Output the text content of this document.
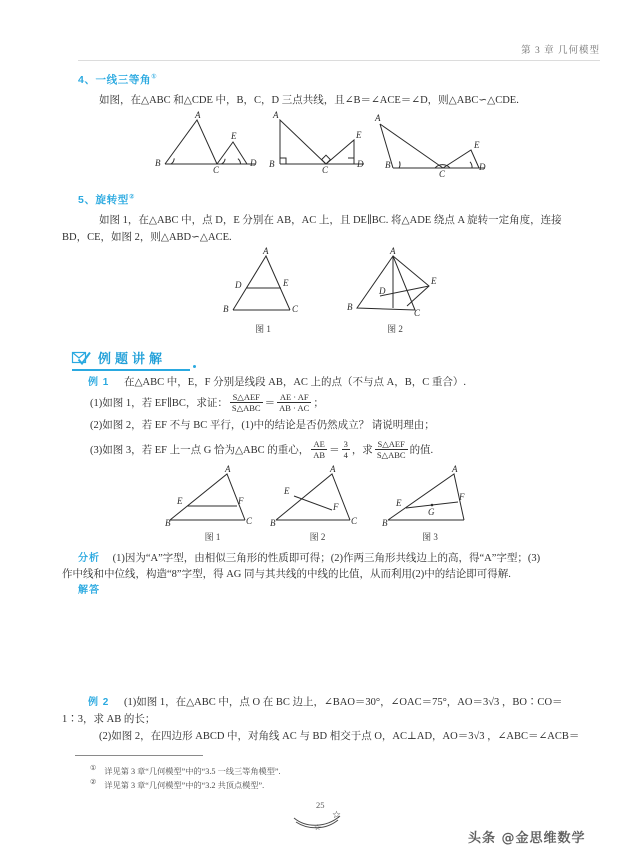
第 3 章 几何模型
4、一线三等角①
如图，在△ABC 和△CDE 中，B，C，D 三点共线，且∠B＝∠ACE＝∠D，则△ABC∽△CDE.
A
B
C
D
E
A
B
C
D
E
A
B
C
D
E
5、旋转型②
如图 1，在△ABC 中，点 D，E 分别在 AB，AC 上，且 DE∥BC. 将△ADE 绕点 A 旋转一定角度，连接
BD，CE，如图 2，则△ABD∽△ACE.
A
D	E
B	C
图 1
A
D
E
B
C
图 2
例题讲解
例 1 在△ABC 中，E，F 分别是线段 AB，AC 上的点（不与点 A，B，C 重合）.
(1)如图 1，若 EF∥BC，求证： $\frac{\text{S△AEF}}{\text{S△ABC}} = \frac{AE \cdot AF}{AB \cdot AC}$ ；
(2)如图 2，若 EF 不与 BC 平行，(1)中的结论是否仍然成立？ 请说明理由；
(3)如图 3，若 EF 上一点 G 恰为△ABC 的重心， $\frac{AE}{AB} = \frac{3}{4}$ ，求 $\frac{\text{S△AEF}}{\text{S△ABC}}$ 的值.
A
E	F
B	C
图 1
A
E
F
B	C
图 2
A
E
F
B
G
图 3
分析 (1)因为“A”字型，由相似三角形的性质即可得；(2)作两三角形共线边上的高，得“A”字型；(3)
作中线和中位线，构造“8”字型，得 AG 同与其共线的中线的比值，从而利用(2)中的结论即可得解.
解答
例 2 (1)如图 1，在△ABC 中，点 O 在 BC 边上，∠BAO＝30°，∠OAC＝75°，AO＝3√3 ，BO∶CO＝
1∶3，求 AB 的长；
(2)如图 2，在四边形 ABCD 中，对角线 AC 与 BD 相交于点 O，AC⊥AD，AO＝3√3 ，∠ABC＝∠ACB＝
① 详见第 3 章“几何模型”中的“3.5 一线三等角模型”.
② 详见第 3 章“几何模型”中的“3.2 共顶点模型”.
25
☆
☆
头条 @金思维数学
